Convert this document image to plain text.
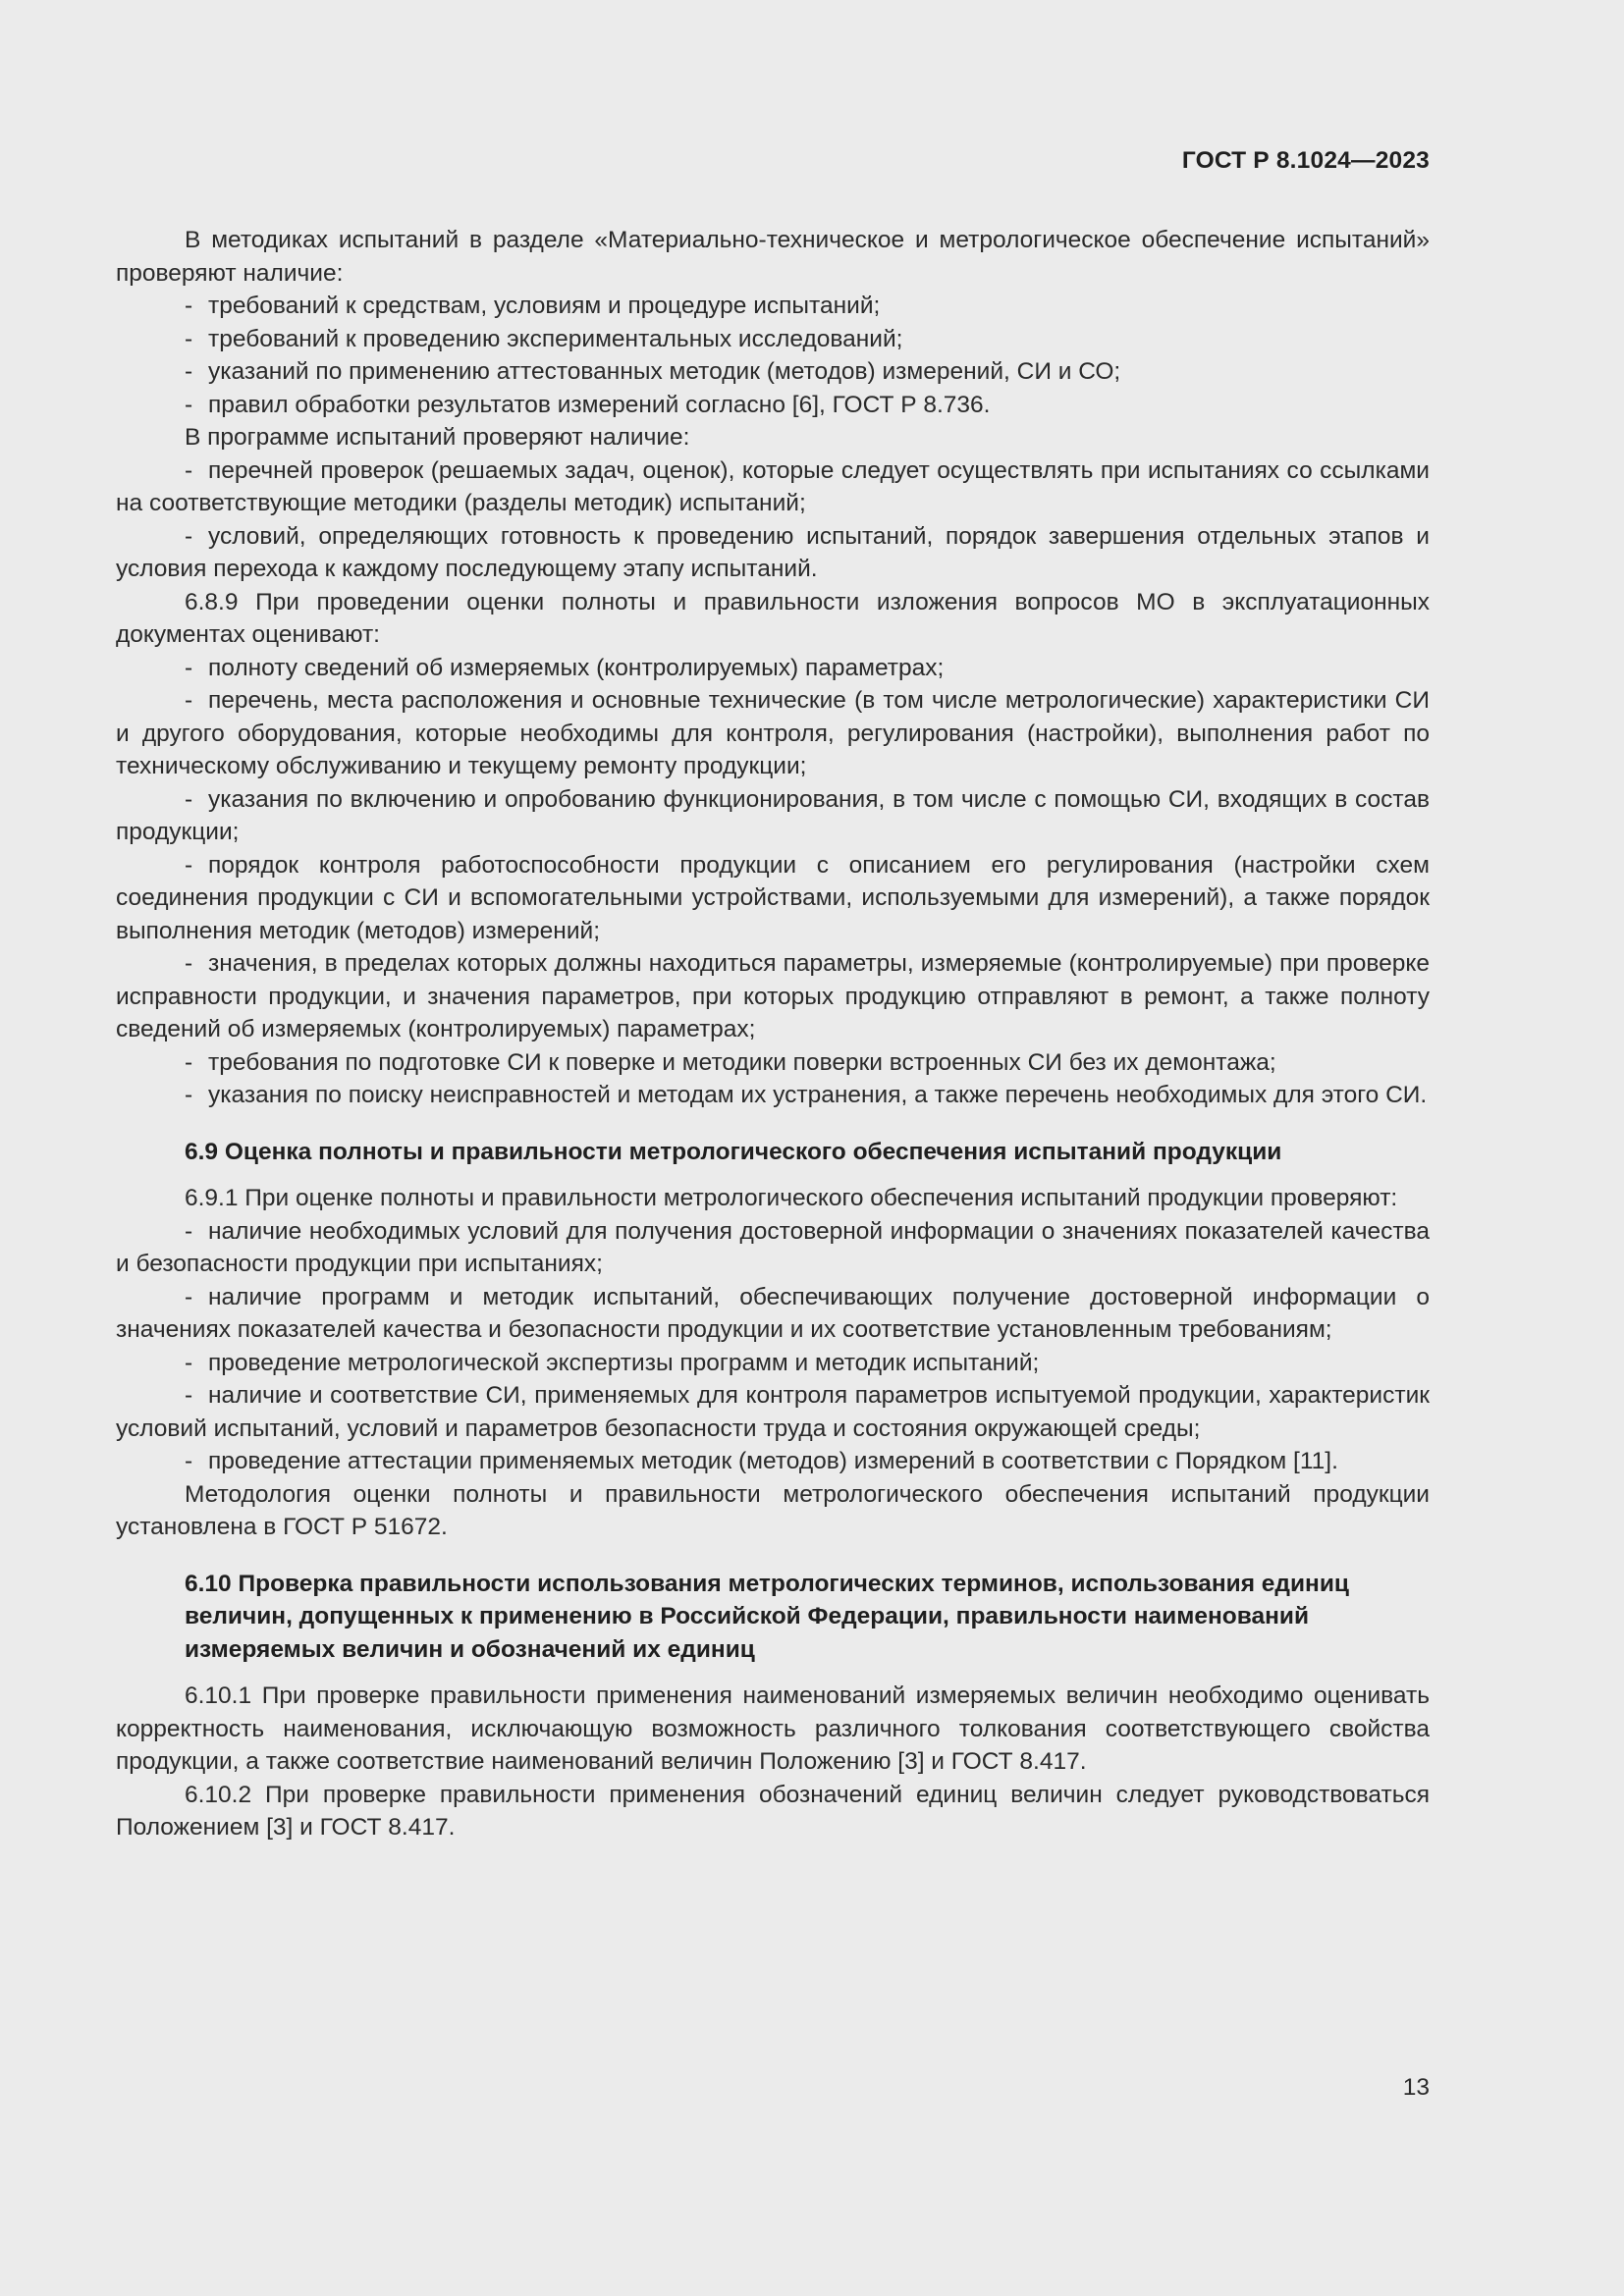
ГОСТ Р 8.1024—2023

В методиках испытаний в разделе «Материально-техническое и метрологическое обеспечение испытаний» проверяют наличие:

- требований к средствам, условиям и процедуре испытаний;

- требований к проведению экспериментальных исследований;

- указаний по применению аттестованных методик (методов) измерений, СИ и СО;

- правил обработки результатов измерений согласно [6], ГОСТ Р 8.736.

В программе испытаний проверяют наличие:

- перечней проверок (решаемых задач, оценок), которые следует осуществлять при испытаниях со ссылками на соответствующие методики (разделы методик) испытаний;

- условий, определяющих готовность к проведению испытаний, порядок завершения отдельных этапов и условия перехода к каждому последующему этапу испытаний.

6.8.9 При проведении оценки полноты и правильности изложения вопросов МО в эксплуатационных документах оценивают:

- полноту сведений об измеряемых (контролируемых) параметрах;

- перечень, места расположения и основные технические (в том числе метрологические) характеристики СИ и другого оборудования, которые необходимы для контроля, регулирования (настройки), выполнения работ по техническому обслуживанию и текущему ремонту продукции;

- указания по включению и опробованию функционирования, в том числе с помощью СИ, входящих в состав продукции;

- порядок контроля работоспособности продукции с описанием его регулирования (настройки схем соединения продукции с СИ и вспомогательными устройствами, используемыми для измерений), а также порядок выполнения методик (методов) измерений;

- значения, в пределах которых должны находиться параметры, измеряемые (контролируемые) при проверке исправности продукции, и значения параметров, при которых продукцию отправляют в ремонт, а также полноту сведений об измеряемых (контролируемых) параметрах;

- требования по подготовке СИ к поверке и методики поверки встроенных СИ без их демонтажа;

- указания по поиску неисправностей и методам их устранения, а также перечень необходимых для этого СИ.

6.9 Оценка полноты и правильности метрологического обеспечения испытаний продукции

6.9.1 При оценке полноты и правильности метрологического обеспечения испытаний продукции проверяют:

- наличие необходимых условий для получения достоверной информации о значениях показателей качества и безопасности продукции при испытаниях;

- наличие программ и методик испытаний, обеспечивающих получение достоверной информации о значениях показателей качества и безопасности продукции и их соответствие установленным требованиям;

- проведение метрологической экспертизы программ и методик испытаний;

- наличие и соответствие СИ, применяемых для контроля параметров испытуемой продукции, характеристик условий испытаний, условий и параметров безопасности труда и состояния окружающей среды;

- проведение аттестации применяемых методик (методов) измерений в соответствии с Порядком [11].

Методология оценки полноты и правильности метрологического обеспечения испытаний продукции установлена в ГОСТ Р 51672.

6.10 Проверка правильности использования метрологических терминов, использования единиц величин, допущенных к применению в Российской Федерации, правильности наименований измеряемых величин и обозначений их единиц

6.10.1 При проверке правильности применения наименований измеряемых величин необходимо оценивать корректность наименования, исключающую возможность различного толкования соответствующего свойства продукции, а также соответствие наименований величин Положению [3] и ГОСТ 8.417.

6.10.2 При проверке правильности применения обозначений единиц величин следует руководствоваться Положением [3] и ГОСТ 8.417.

13
